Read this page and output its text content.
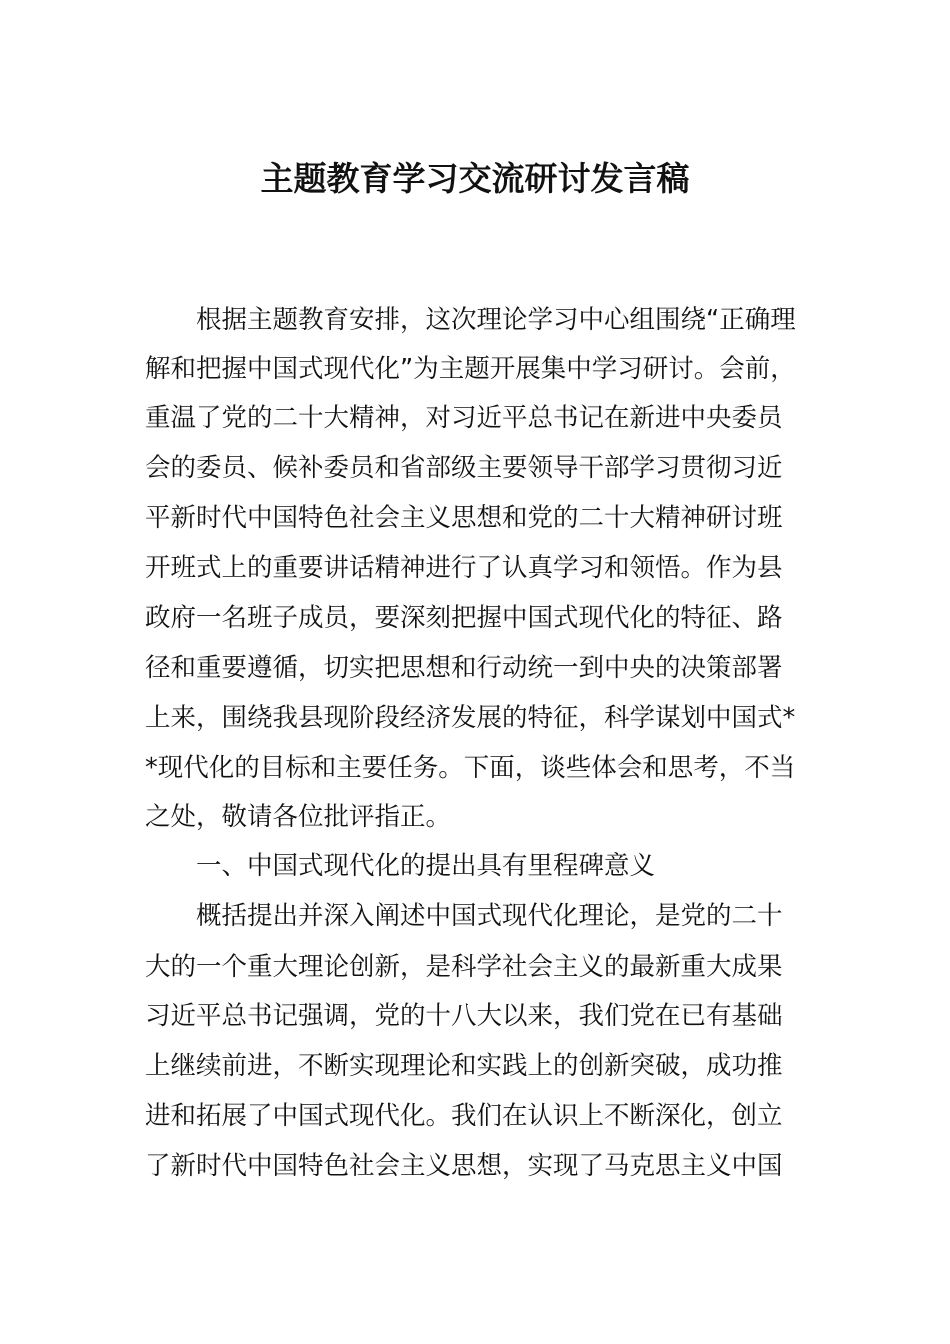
主题教育学习交流研讨发言稿

根据主题教育安排，这次理论学习中心组围绕“正确理

解和把握中国式现代化”为主题开展集中学习研讨。会前，

重温了党的二十大精神，对习近平总书记在新进中央委员

会的委员、候补委员和省部级主要领导干部学习贯彻习近

平新时代中国特色社会主义思想和党的二十大精神研讨班

开班式上的重要讲话精神进行了认真学习和领悟。作为县

政府一名班子成员，要深刻把握中国式现代化的特征、路

径和重要遵循，切实把思想和行动统一到中央的决策部署

上来，围绕我县现阶段经济发展的特征，科学谋划中国式*

*现代化的目标和主要任务。下面，谈些体会和思考，不当

之处，敬请各位批评指正。

一、中国式现代化的提出具有里程碑意义

概括提出并深入阐述中国式现代化理论，是党的二十

大的一个重大理论创新，是科学社会主义的最新重大成果

习近平总书记强调，党的十八大以来，我们党在已有基础

上继续前进，不断实现理论和实践上的创新突破，成功推

进和拓展了中国式现代化。我们在认识上不断深化，创立

了新时代中国特色社会主义思想，实现了马克思主义中国
